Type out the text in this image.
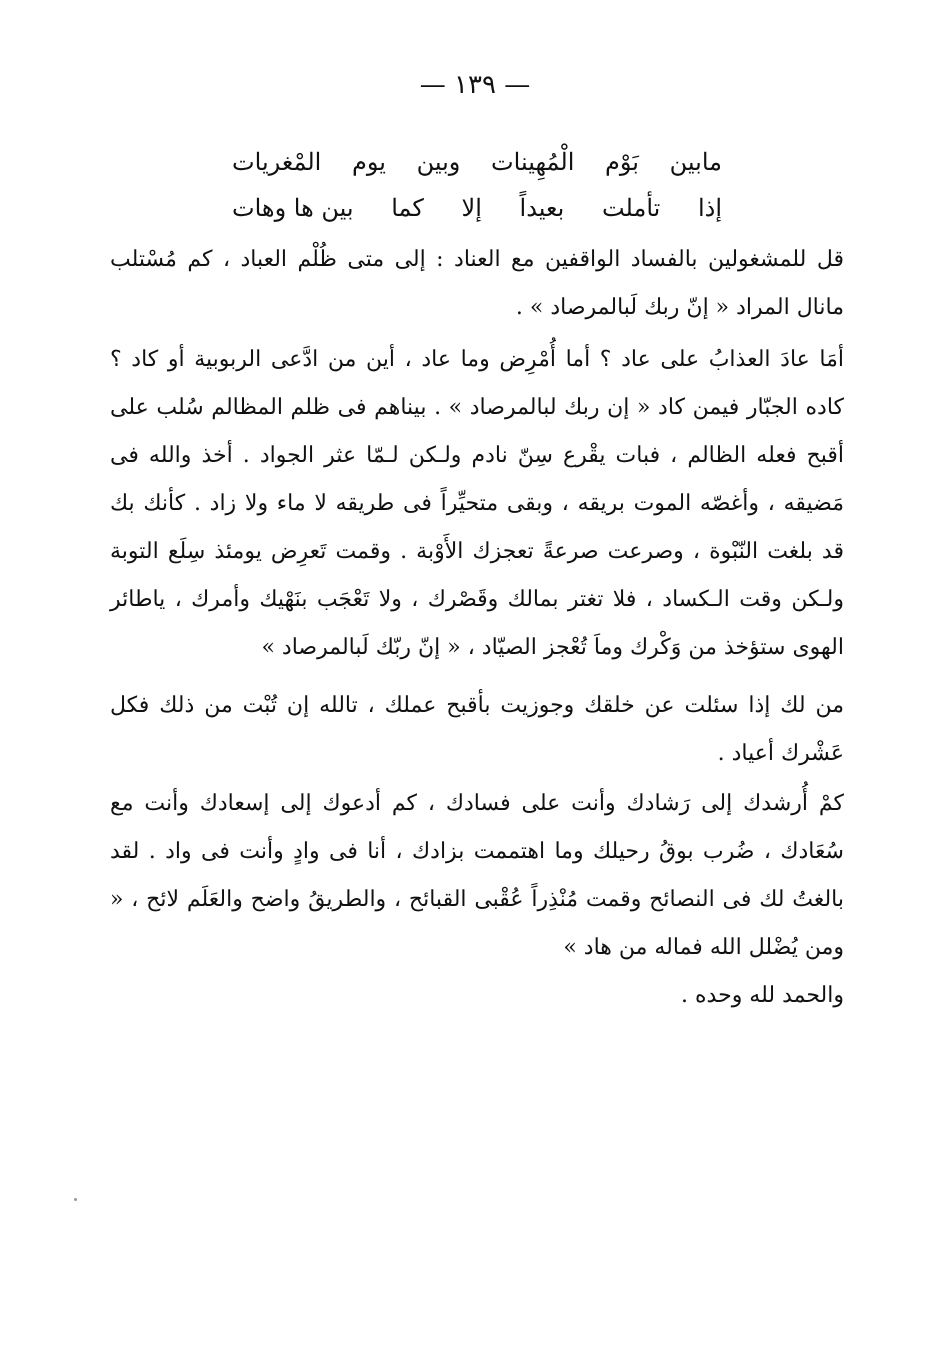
— ١٣٩ —
مابين
بَوْم
الْمُهِينات
وبين
يوم
المْغريات
إذا
تأملت
بعيداً
إلا
كما
بين ها وهات

قل للمشغولين بالفساد الواقفين مع العناد : إلى متى ظُلْم العباد ، كم مُسْتلب مانال المراد « إنّ ربك لَبالمرصاد » .

أمَا عادَ العذابُ على عاد ؟ أما أُمْرِض وما عاد ، أين من ادَّعى الربوبية أو كاد ؟ كاده الجبّار فيمن كاد « إن ربك لبالمرصاد » . بيناهم فى ظلم المظالم سُلب على أقبح فعله الظالم ، فبات يقْرع سِنّ نادم ولـكن لـمّا عثر الجواد . أخذ والله فى مَضيقه ، وأغصّه الموت بريقه ، وبقى متحيِّراً فى طريقه لا ماء ولا زاد . كأنك بك قد بلغت النّبْوة ، وصرعت صرعةً تعجزك الأَوْبة . وقمت تَعرِض يومئذ سِلَع التوبة ولـكن وقت الـكساد ، فلا تغتر بمالك وقَصْرك ، ولا تَعْجَب بنَهْيك وأمرك ، ياطائر الهوى ستؤخذ من وَكْرك وماَ تُعْجز الصيّاد ، « إنّ ربّك لَبالمرصاد »

من لك إذا سئلت عن خلقك وجوزيت بأقبح عملك ، تالله إن تُبْت من ذلك فكل عَشْرك أعياد .

كمْ أُرشدك إلى رَشادك وأنت على فسادك ، كم أدعوك إلى إسعادك وأنت مع سُعَادك ، ضُرب بوقُ رحيلك وما اهتممت بزادك ، أنا فى وادٍ وأنت فى واد . لقد بالغتُ لك فى النصائح وقمت مُنْذِراً عُقْبى القبائح ، والطريقُ واضح والعَلَم لائح ، « ومن يُضْلل الله فماله من هاد »
والحمد لله وحده .
